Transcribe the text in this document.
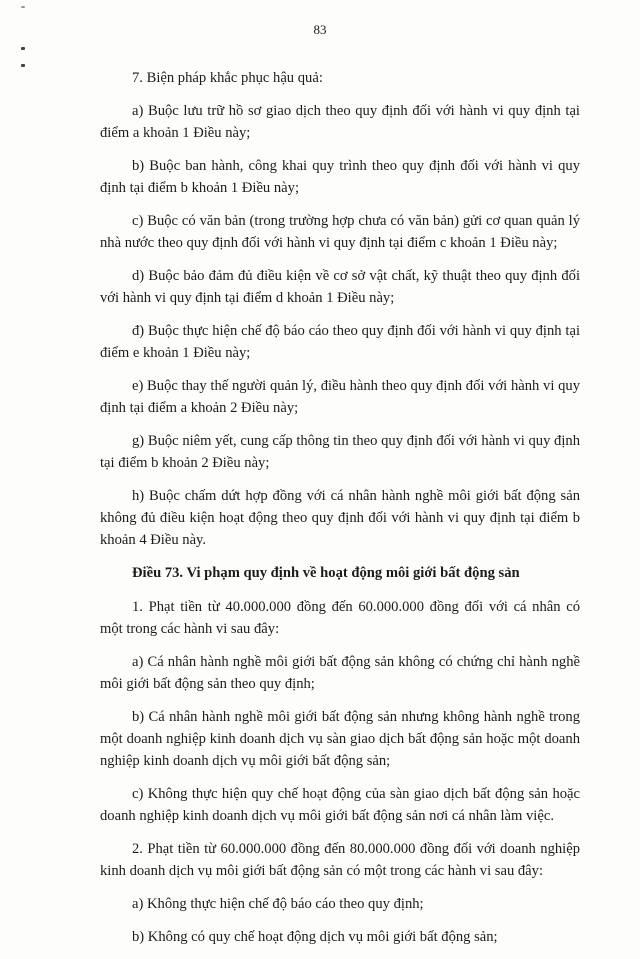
83

7. Biện pháp khắc phục hậu quả:

a) Buộc lưu trữ hồ sơ giao dịch theo quy định đối với hành vi quy định tại điểm a khoản 1 Điều này;

b) Buộc ban hành, công khai quy trình theo quy định đối với hành vi quy định tại điểm b khoản 1 Điều này;

c) Buộc có văn bản (trong trường hợp chưa có văn bản) gửi cơ quan quản lý nhà nước theo quy định đối với hành vi quy định tại điểm c khoản 1 Điều này;

d) Buộc bảo đảm đủ điều kiện về cơ sở vật chất, kỹ thuật theo quy định đối với hành vi quy định tại điểm d khoản 1 Điều này;

đ) Buộc thực hiện chế độ báo cáo theo quy định đối với hành vi quy định tại điểm e khoản 1 Điều này;

e) Buộc thay thế người quản lý, điều hành theo quy định đối với hành vi quy định tại điểm a khoản 2 Điều này;

g) Buộc niêm yết, cung cấp thông tin theo quy định đối với hành vi quy định tại điểm b khoản 2 Điều này;

h) Buộc chấm dứt hợp đồng với cá nhân hành nghề môi giới bất động sản không đủ điều kiện hoạt động theo quy định đối với hành vi quy định tại điểm b khoản 4 Điều này.

Điều 73. Vi phạm quy định về hoạt động môi giới bất động sản

1. Phạt tiền từ 40.000.000 đồng đến 60.000.000 đồng đối với cá nhân có một trong các hành vi sau đây:

a) Cá nhân hành nghề môi giới bất động sản không có chứng chỉ hành nghề môi giới bất động sản theo quy định;

b) Cá nhân hành nghề môi giới bất động sản nhưng không hành nghề trong một doanh nghiệp kinh doanh dịch vụ sàn giao dịch bất động sản hoặc một doanh nghiệp kinh doanh dịch vụ môi giới bất động sản;

c) Không thực hiện quy chế hoạt động của sàn giao dịch bất động sản hoặc doanh nghiệp kinh doanh dịch vụ môi giới bất động sản nơi cá nhân làm việc.

2. Phạt tiền từ 60.000.000 đồng đến 80.000.000 đồng đối với doanh nghiệp kinh doanh dịch vụ môi giới bất động sản có một trong các hành vi sau đây:

a) Không thực hiện chế độ báo cáo theo quy định;

b) Không có quy chế hoạt động dịch vụ môi giới bất động sản;
